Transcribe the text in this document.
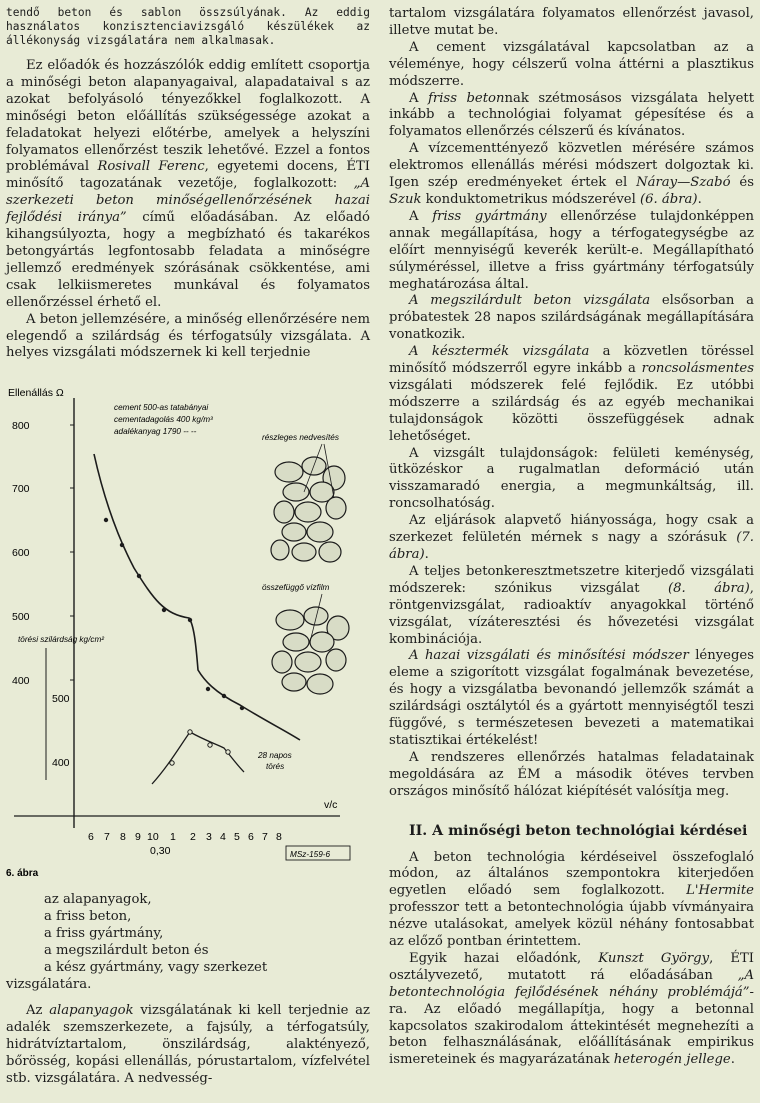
tendő beton és sablon összsúlyának. Az eddig használatos konzisztenciavizsgáló készülékek az állékonyság vizsgálatára nem alkalmasak.

Ez előadók és hozzászólók eddig említett csoportja a minőségi beton alapanyagaival, alapadataival s az azokat befolyásoló tényezőkkel foglalkozott. A minőségi beton előállítás szükségessége azokat a feladatokat helyezi előtérbe, amelyek a helyszíni folyamatos ellenőrzést teszik lehetővé. Ezzel a fontos problémával Rosivall Ferenc, egyetemi docens, ÉTI minősítő tagozatának vezetője, foglalkozott: „A szerkezeti beton minőségellenőrzésének hazai fejlődési iránya” című előadásában. Az előadó kihangsúlyozta, hogy a megbízható és takarékos betongyártás legfontosabb feladata a minőségre jellemző eredmények szórásának csökkentése, ami csak lelkiismeretes munkával és folyamatos ellenőrzéssel érhető el.

A beton jellemzésére, a minőség ellenőrzésére nem elegendő a szilárdság és térfogatsúly vizsgálata. A helyes vizsgálati módszernek ki kell terjednie

Ellenállás Ω
800
700
600
500
400
törési szilárdság kg/cm²
500
400
cement 500-as tatabányai
cementadagolás 400 kg/m³
adalékanyag 1790 -- --
28 napos
törés
6 7 8 9 10 1 2 3 4 5 6 7 8
0,30
v/c
részleges nedvesítés
összefüggő vízfilm
MSz-159-6
6. ábra
az alapanyagok,
a friss beton,
a friss gyártmány,
a megszilárdult beton és
a kész gyártmány, vagy szerkezet

vizsgálatára.

Az alapanyagok vizsgálatának ki kell terjednie az adalék szemszerkezete, a fajsúly, a térfogatsúly, hidrátvíztartalom, önszilárdság, alaktényező, bőrösség, kopási ellenállás, pórustartalom, vízfelvétel stb. vizsgálatára. A nedvesség-

tartalom vizsgálatára folyamatos ellenőrzést javasol, illetve mutat be.

A cement vizsgálatával kapcsolatban az a véleménye, hogy célszerű volna áttérni a plasztikus módszerre.

A friss betonnak szétmosásos vizsgálata helyett inkább a technológiai folyamat gépesítése és a folyamatos ellenőrzés célszerű és kívánatos.

A vízcementtényező közvetlen mérésére számos elektromos ellenállás mérési módszert dolgoztak ki. Igen szép eredményeket értek el Náray—Szabó és Szuk konduktometrikus módszerével (6. ábra).

A friss gyártmány ellenőrzése tulajdonképpen annak megállapítása, hogy a térfogategységbe az előírt mennyiségű keverék került-e. Megállapítható súlyméréssel, illetve a friss gyártmány térfogatsúly meghatározása által.

A megszilárdult beton vizsgálata elsősorban a próbatestek 28 napos szilárdságának megállapítására vonatkozik.

A késztermék vizsgálata a közvetlen töréssel minősítő módszerről egyre inkább a roncsolásmentes vizsgálati módszerek felé fejlődik. Ez utóbbi módszerre a szilárdság és az egyéb mechanikai tulajdonságok közötti összefüggések adnak lehetőséget.

A vizsgált tulajdonságok: felületi keménység, ütközéskor a rugalmatlan deformáció után visszamaradó energia, a megmunkáltság, ill. roncsolhatóság.

Az eljárások alapvető hiányossága, hogy csak a szerkezet felületén mérnek s nagy a szórásuk (7. ábra).

A teljes betonkeresztmetszetre kiterjedő vizsgálati módszerek: szónikus vizsgálat (8. ábra), röntgenvizsgálat, radioaktív anyagokkal történő vizsgálat, vízáteresztési és hővezetési vizsgálat kombinációja.

A hazai vizsgálati és minősítési módszer lényeges eleme a szigorított vizsgálat fogalmának bevezetése, és hogy a vizsgálatba bevonandó jellemzők számát a szilárdsági osztálytól és a gyártott mennyiségtől teszi függővé, s természetesen bevezeti a matematikai statisztikai értékelést!

A rendszeres ellenőrzés hatalmas feladatainak megoldására az ÉM a második ötéves tervben országos minősítő hálózat kiépítését valósítja meg.

II. A minőségi beton technológiai kérdései

A beton technológia kérdéseivel összefoglaló módon, az általános szempontokra kiterjedően egyetlen előadó sem foglalkozott. L'Hermite professzor tett a betontechnológia újabb vívmányaira nézve utalásokat, amelyek közül néhány fontosabbat az előző pontban érintettem.

Egyik hazai előadónk, Kunszt György, ÉTI osztályvezető, mutatott rá előadásában „A betontechnológia fejlődésének néhány problémájá”-ra. Az előadó megállapítja, hogy a betonnal kapcsolatos szakirodalom áttekintését megnehezíti a beton felhasználásának, előállításának empirikus ismereteinek és magyarázatának heterogén jellege.
